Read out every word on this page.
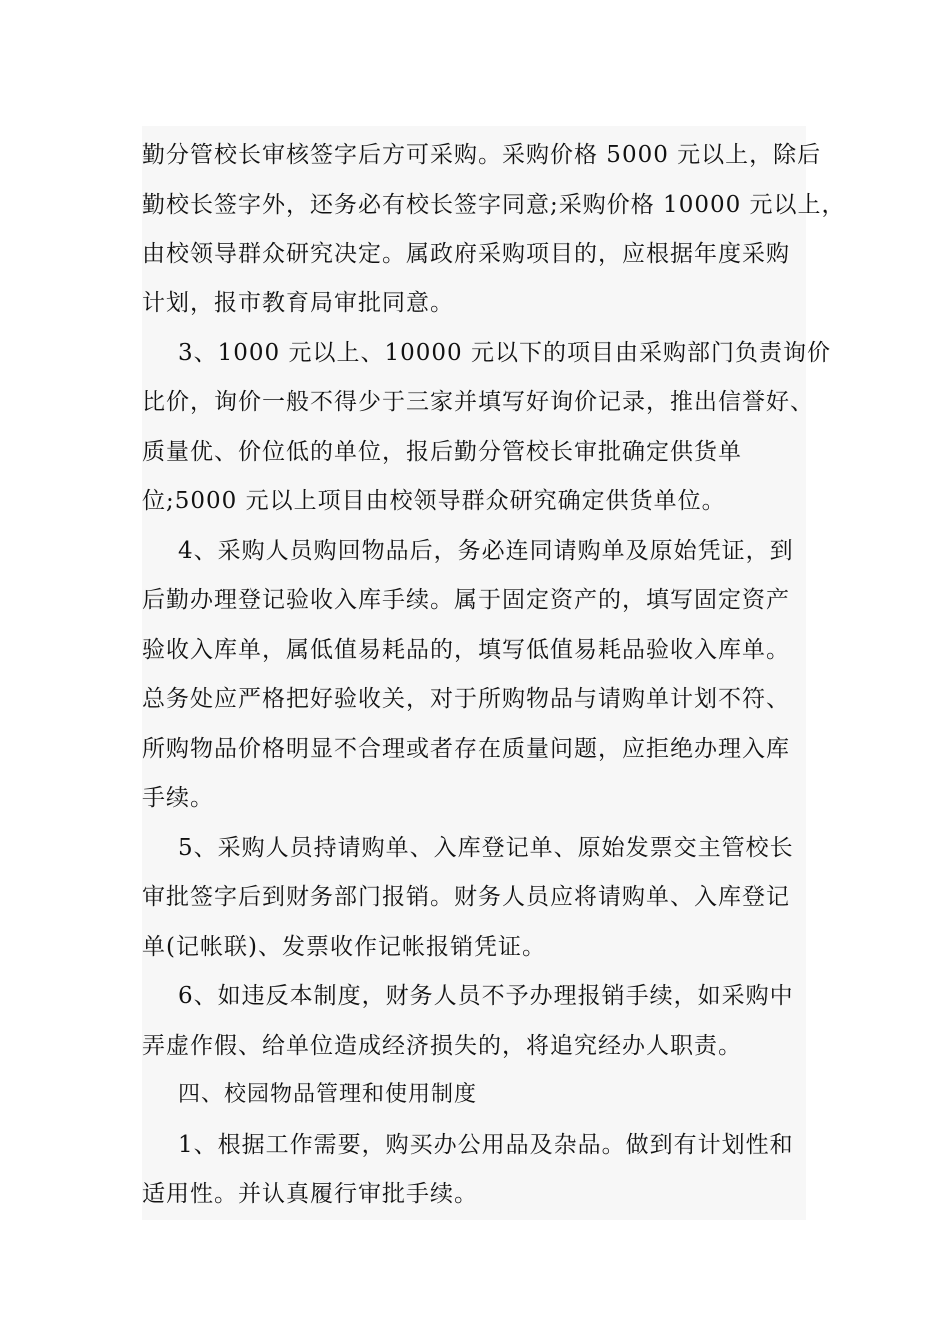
勤分管校长审核签字后方可采购。采购价格 5000 元以上，除后
勤校长签字外，还务必有校长签字同意;采购价格 10000 元以上，
由校领导群众研究决定。属政府采购项目的，应根据年度采购
计划，报市教育局审批同意。
3、1000 元以上、10000 元以下的项目由采购部门负责询价
比价，询价一般不得少于三家并填写好询价记录，推出信誉好、
质量优、价位低的单位，报后勤分管校长审批确定供货单
位;5000 元以上项目由校领导群众研究确定供货单位。
4、采购人员购回物品后，务必连同请购单及原始凭证，到
后勤办理登记验收入库手续。属于固定资产的，填写固定资产
验收入库单，属低值易耗品的，填写低值易耗品验收入库单。
总务处应严格把好验收关，对于所购物品与请购单计划不符、
所购物品价格明显不合理或者存在质量问题，应拒绝办理入库
手续。
5、采购人员持请购单、入库登记单、原始发票交主管校长
审批签字后到财务部门报销。财务人员应将请购单、入库登记
单(记帐联)、发票收作记帐报销凭证。
6、如违反本制度，财务人员不予办理报销手续，如采购中
弄虚作假、给单位造成经济损失的，将追究经办人职责。
四、校园物品管理和使用制度
1、根据工作需要，购买办公用品及杂品。做到有计划性和
适用性。并认真履行审批手续。
